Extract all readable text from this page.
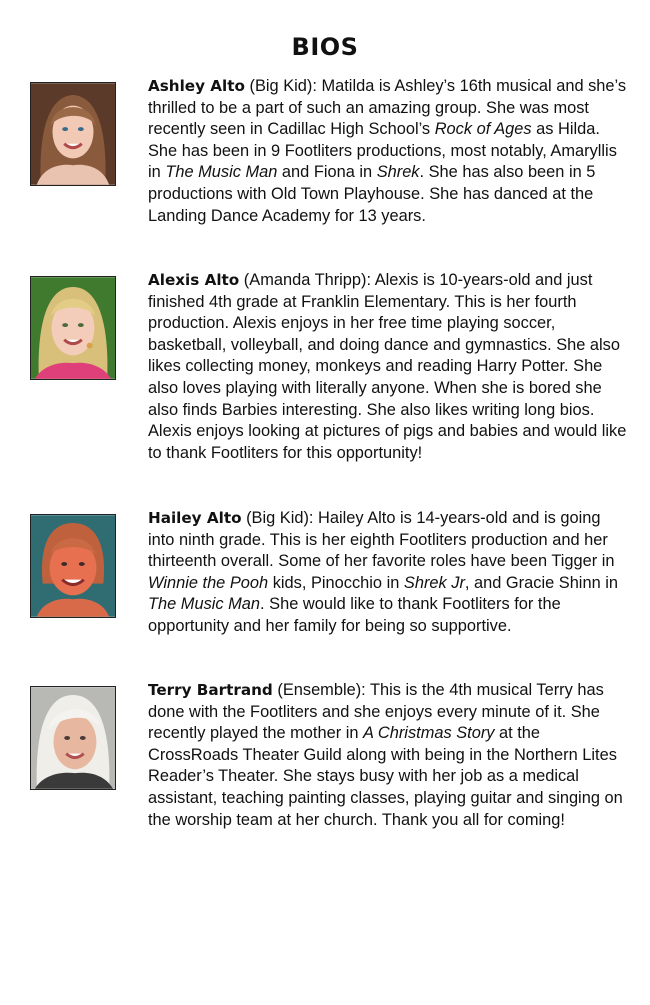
BIOS

Ashley Alto (Big Kid): Matilda is Ashley’s 16th musical and she’s thrilled to be a part of such an amazing group. She was most recently seen in Cadillac High School’s Rock of Ages as Hilda. She has been in 9 Footliters productions, most notably, Amaryllis in The Music Man and Fiona in Shrek. She has also been in 5 productions with Old Town Playhouse. She has danced at the Landing Dance Academy for 13 years.

Alexis Alto (Amanda Thripp): Alexis is 10-years-old and just finished 4th grade at Franklin Elementary. This is her fourth production. Alexis enjoys in her free time playing soccer, basketball, volleyball, and doing dance and gymnastics. She also likes collecting money, monkeys and reading Harry Potter. She also loves playing with literally anyone. When she is bored she also finds Barbies interesting. She also likes writing long bios. Alexis enjoys looking at pictures of pigs and babies and would like to thank Footliters for this opportunity!

Hailey Alto (Big Kid): Hailey Alto is 14-years-old and is going into ninth grade. This is her eighth Footliters production and her thirteenth overall. Some of her favorite roles have been Tigger in Winnie the Pooh kids, Pinocchio in Shrek Jr, and Gracie Shinn in The Music Man. She would like to thank Footliters for the opportunity and her family for being so supportive.

Terry Bartrand (Ensemble): This is the 4th musical Terry has done with the Footliters and she enjoys every minute of it. She recently played the mother in A Christmas Story at the CrossRoads Theater Guild along with being in the Northern Lites Reader’s Theater. She stays busy with her job as a medical assistant, teaching painting classes, playing guitar and singing on the worship team at her church. Thank you all for coming!
